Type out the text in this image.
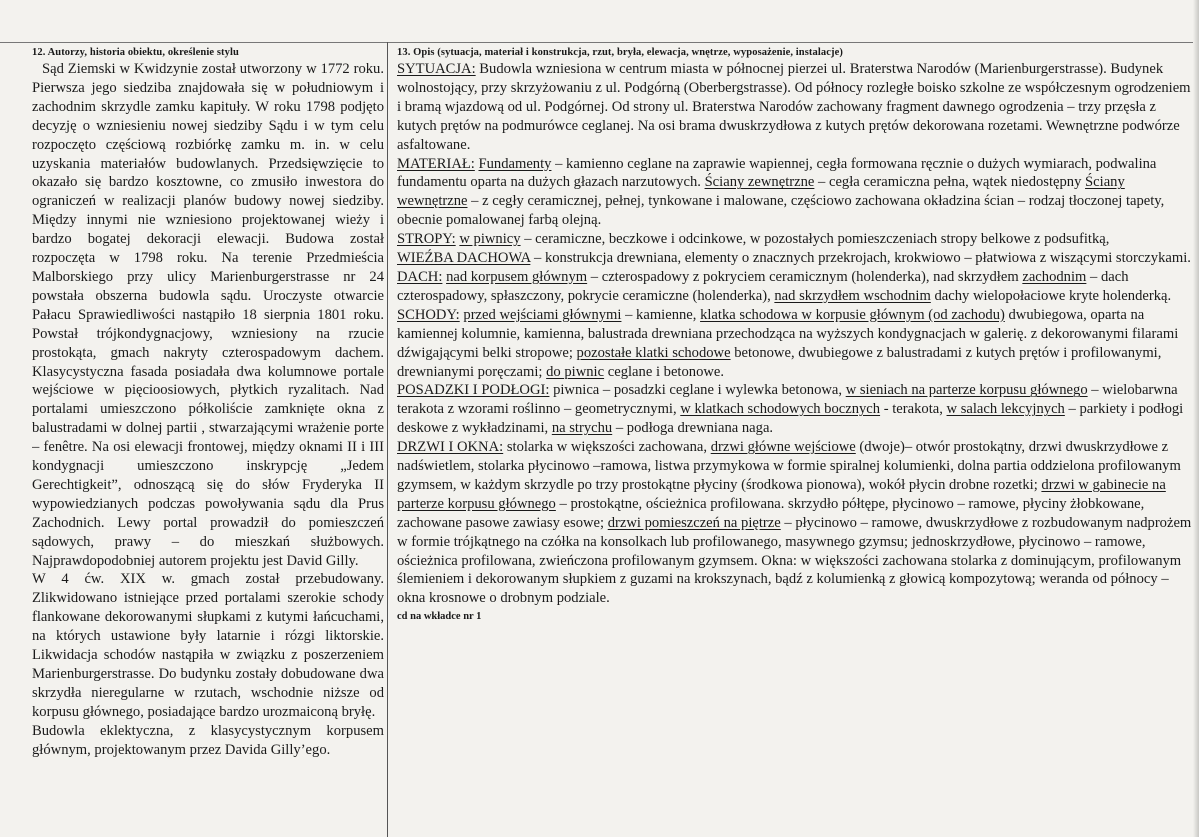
12. Autorzy, historia obiektu, określenie stylu

Sąd Ziemski w Kwidzynie został utworzony w 1772 roku. Pierwsza jego siedziba znajdowała się w południowym i zachodnim skrzydle zamku kapituły. W roku 1798 podjęto decyzję o wzniesieniu nowej siedziby Sądu i w tym celu rozpoczęto częściową rozbiórkę zamku m. in. w celu uzyskania materiałów budowlanych. Przedsięwzięcie to okazało się bardzo kosztowne, co zmusiło inwestora do ograniczeń w realizacji planów budowy nowej siedziby. Między innymi nie wzniesiono projektowanej wieży i bardzo bogatej dekoracji elewacji. Budowa został rozpoczęta w 1798 roku. Na terenie Przedmieścia Malborskiego przy ulicy Marienburgerstrasse nr 24 powstała obszerna budowla sądu. Uroczyste otwarcie Pałacu Sprawiedliwości nastąpiło 18 sierpnia 1801 roku. Powstał trójkondygnacjowy, wzniesiony na rzucie prostokąta, gmach nakryty czterospadowym dachem. Klasycystyczna fasada posiadała dwa kolumnowe portale wejściowe w pięcioosiowych, płytkich ryzalitach. Nad portalami umieszczono półkoliście zamknięte okna z balustradami w dolnej partii , stwarzającymi wrażenie porte – fenêtre. Na osi elewacji frontowej, między oknami II i III kondygnacji umieszczono inskrypcję „Jedem Gerechtigkeit”, odnoszącą się do słów Fryderyka II wypowiedzianych podczas powoływania sądu dla Prus Zachodnich. Lewy portal prowadził do pomieszczeń sądowych, prawy – do mieszkań służbowych. Najprawdopodobniej autorem projektu jest David Gilly.

W 4 ćw. XIX w. gmach został przebudowany. Zlikwidowano istniejące przed portalami szerokie schody flankowane dekorowanymi słupkami z kutymi łańcuchami, na których ustawione były latarnie i rózgi liktorskie. Likwidacja schodów nastąpiła w związku z poszerzeniem Marienburgerstrasse. Do budynku zostały dobudowane dwa skrzydła nieregularne w rzutach, wschodnie niższe od korpusu głównego, posiadające bardzo urozmaiconą bryłę.

Budowla eklektyczna, z klasycystycznym korpusem głównym, projektowanym przez Davida Gilly’ego.

13. Opis (sytuacja, materiał i konstrukcja, rzut, bryła, elewacja, wnętrze, wyposażenie, instalacje)

SYTUACJA: Budowla wzniesiona w centrum miasta w północnej pierzei ul. Braterstwa Narodów (Marienburgerstrasse). Budynek wolnostojący, przy skrzyżowaniu z ul. Podgórną (Oberbergstrasse). Od północy rozległe boisko szkolne ze współczesnym ogrodzeniem i bramą wjazdową od ul. Podgórnej. Od strony ul. Braterstwa Narodów zachowany fragment dawnego ogrodzenia – trzy przęsła z kutych prętów na podmurówce ceglanej. Na osi brama dwuskrzydłowa z kutych prętów dekorowana rozetami. Wewnętrzne podwórze asfaltowane.

MATERIAŁ: Fundamenty – kamienno ceglane na zaprawie wapiennej, cegła formowana ręcznie o dużych wymiarach, podwalina fundamentu oparta na dużych głazach narzutowych. Ściany zewnętrzne – cegła ceramiczna pełna, wątek niedostępny Ściany wewnętrzne – z cegły ceramicznej, pełnej, tynkowane i malowane, częściowo zachowana okładzina ścian – rodzaj tłoczonej tapety, obecnie pomalowanej farbą olejną.

STROPY: w piwnicy – ceramiczne, beczkowe i odcinkowe, w pozostałych pomieszczeniach stropy belkowe z podsufitką,

WIEŹBA DACHOWA – konstrukcja drewniana, elementy o znacznych przekrojach, krokwiowo – płatwiowa z wiszącymi storczykami.

DACH: nad korpusem głównym – czterospadowy z pokryciem ceramicznym (holenderka), nad skrzydłem zachodnim – dach czterospadowy, spłaszczony, pokrycie ceramiczne (holenderka), nad skrzydłem wschodnim dachy wielopołaciowe kryte holenderką.

SCHODY: przed wejściami głównymi – kamienne, klatka schodowa w korpusie głównym (od zachodu) dwubiegowa, oparta na kamiennej kolumnie, kamienna, balustrada drewniana przechodząca na wyższych kondygnacjach w galerię. z dekorowanymi filarami dźwigającymi belki stropowe; pozostałe klatki schodowe betonowe, dwubiegowe z balustradami z kutych prętów i profilowanymi, drewnianymi poręczami; do piwnic ceglane i betonowe.

POSADZKI I PODŁOGI: piwnica – posadzki ceglane i wylewka betonowa, w sieniach na parterze korpusu głównego – wielobarwna terakota z wzorami roślinno – geometrycznymi, w klatkach schodowych bocznych - terakota, w salach lekcyjnych – parkiety i podłogi deskowe z wykładzinami, na strychu – podłoga drewniana naga.

DRZWI I OKNA: stolarka w większości zachowana, drzwi główne wejściowe (dwoje)– otwór prostokątny, drzwi dwuskrzydłowe z nadświetlem, stolarka płycinowo –ramowa, listwa przymykowa w formie spiralnej kolumienki, dolna partia oddzielona profilowanym gzymsem, w każdym skrzydle po trzy prostokątne płyciny (środkowa pionowa), wokół płycin drobne rozetki; drzwi w gabinecie na parterze korpusu głównego – prostokątne, ościeżnica profilowana. skrzydło półtępe, płycinowo – ramowe, płyciny żłobkowane, zachowane pasowe zawiasy esowe; drzwi pomieszczeń na piętrze – płycinowo – ramowe, dwuskrzydłowe z rozbudowanym nadprożem w formie trójkątnego na czółka na konsolkach lub profilowanego, masywnego gzymsu; jednoskrzydłowe, płycinowo – ramowe, ościeżnica profilowana, zwieńczona profilowanym gzymsem. Okna: w większości zachowana stolarka z dominującym, profilowanym ślemieniem i dekorowanym słupkiem z guzami na krokszynach, bądź z kolumienką z głowicą kompozytową; weranda od północy – okna krosnowe o drobnym podziale.

cd na wkładce nr 1
